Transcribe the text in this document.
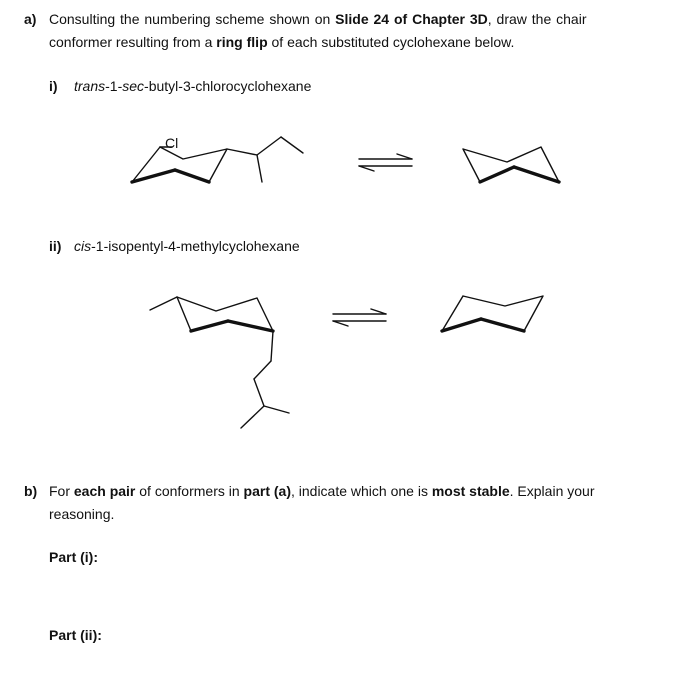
a) Consulting the numbering scheme shown on Slide 24 of Chapter 3D, draw the chair
conformer resulting from a ring flip of each substituted cyclohexane below.
i) trans-1-sec-butyl-3-chlorocyclohexane
ii) cis-1-isopentyl-4-methylcyclohexane
b) For each pair of conformers in part (a), indicate which one is most stable. Explain your
reasoning.
Part (i):
Part (ii):
Cl
